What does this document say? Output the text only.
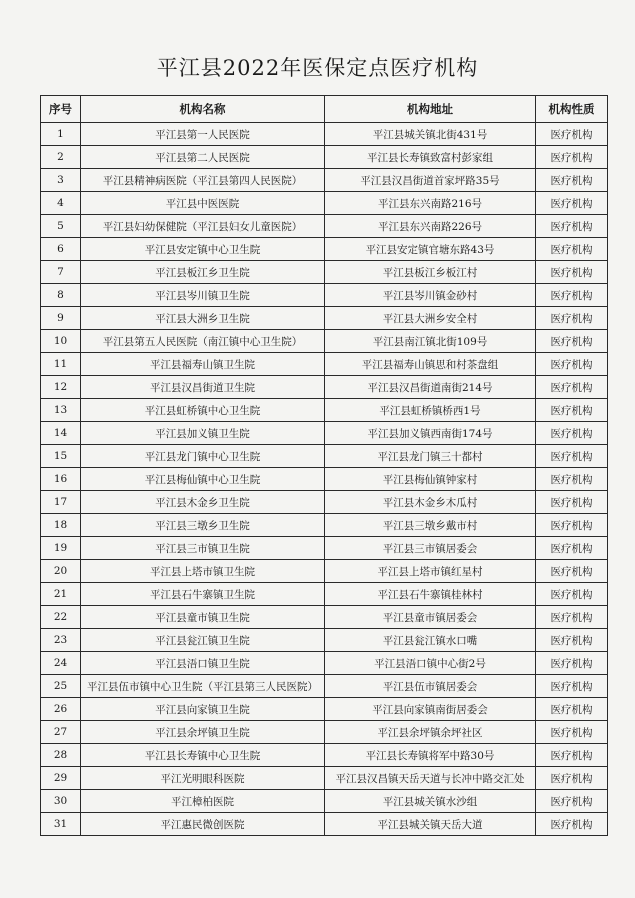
平江县2022年医保定点医疗机构
序号	机构名称	机构地址	机构性质
1	平江县第一人民医院	平江县城关镇北街431号	医疗机构
2	平江县第二人民医院	平江县长寿镇致富村彭家组	医疗机构
3	平江县精神病医院（平江县第四人民医院）	平江县汉昌街道首家坪路35号	医疗机构
4	平江县中医医院	平江县东兴南路216号	医疗机构
5	平江县妇幼保健院（平江县妇女儿童医院）	平江县东兴南路226号	医疗机构
6	平江县安定镇中心卫生院	平江县安定镇官塘东路43号	医疗机构
7	平江县板江乡卫生院	平江县板江乡板江村	医疗机构
8	平江县岑川镇卫生院	平江县岑川镇金砂村	医疗机构
9	平江县大洲乡卫生院	平江县大洲乡安全村	医疗机构
10	平江县第五人民医院（南江镇中心卫生院）	平江县南江镇北街109号	医疗机构
11	平江县福寿山镇卫生院	平江县福寿山镇思和村茶盘组	医疗机构
12	平江县汉昌街道卫生院	平江县汉昌街道南街214号	医疗机构
13	平江县虹桥镇中心卫生院	平江县虹桥镇桥西1号	医疗机构
14	平江县加义镇卫生院	平江县加义镇西南街174号	医疗机构
15	平江县龙门镇中心卫生院	平江县龙门镇三十都村	医疗机构
16	平江县梅仙镇中心卫生院	平江县梅仙镇钟家村	医疗机构
17	平江县木金乡卫生院	平江县木金乡木瓜村	医疗机构
18	平江县三墩乡卫生院	平江县三墩乡戴市村	医疗机构
19	平江县三市镇卫生院	平江县三市镇居委会	医疗机构
20	平江县上塔市镇卫生院	平江县上塔市镇红星村	医疗机构
21	平江县石牛寨镇卫生院	平江县石牛寨镇桂林村	医疗机构
22	平江县童市镇卫生院	平江县童市镇居委会	医疗机构
23	平江县瓮江镇卫生院	平江县瓮江镇水口嘴	医疗机构
24	平江县浯口镇卫生院	平江县浯口镇中心街2号	医疗机构
25	平江县伍市镇中心卫生院（平江县第三人民医院）	平江县伍市镇居委会	医疗机构
26	平江县向家镇卫生院	平江县向家镇南街居委会	医疗机构
27	平江县余坪镇卫生院	平江县余坪镇余坪社区	医疗机构
28	平江县长寿镇中心卫生院	平江县长寿镇将军中路30号	医疗机构
29	平江光明眼科医院	平江县汉昌镇天岳天道与长冲中路交汇处	医疗机构
30	平江樟柏医院	平江县城关镇水沙组	医疗机构
31	平江惠民微创医院	平江县城关镇天岳大道	医疗机构
